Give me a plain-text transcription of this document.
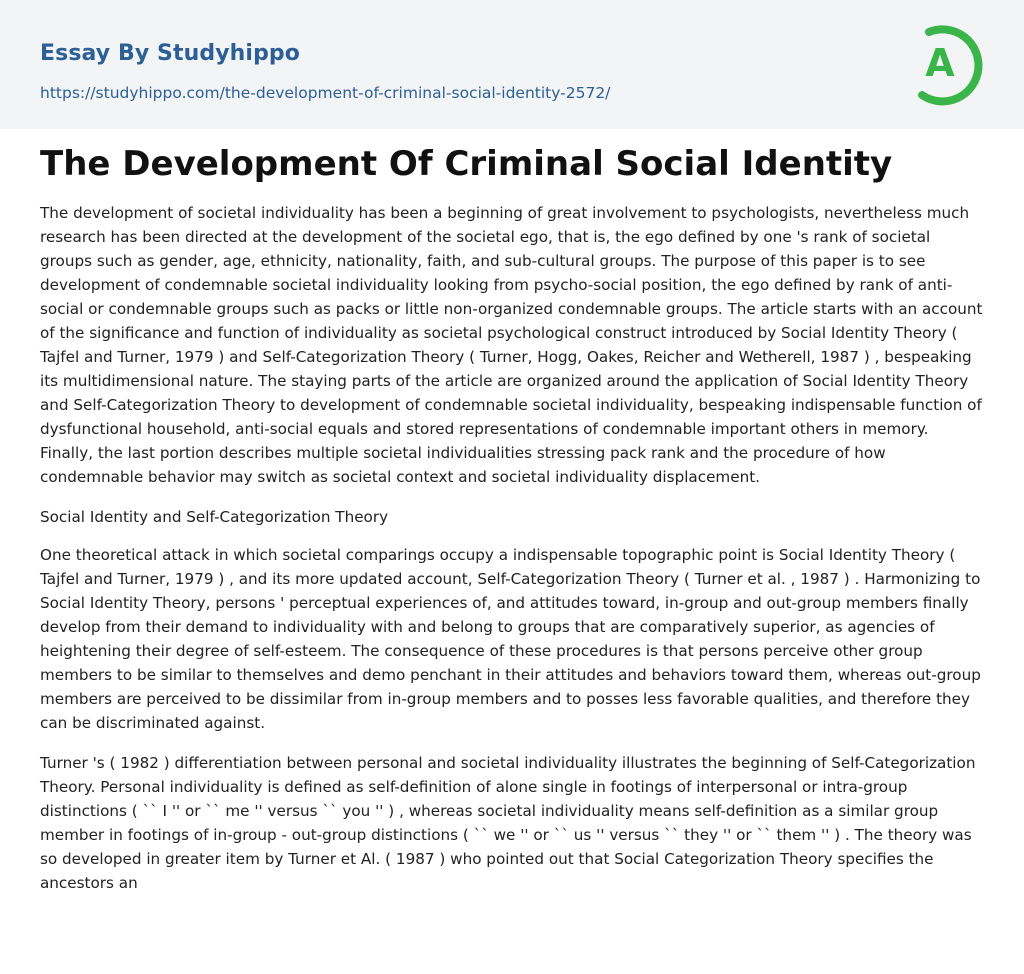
Essay By Studyhippo
https://studyhippo.com/the-development-of-criminal-social-identity-2572/
A
The Development Of Criminal Social Identity

The development of societal individuality has been a beginning of great involvement to psychologists, nevertheless much research has been directed at the development of the societal ego, that is, the ego defined by one 's rank of societal groups such as gender, age, ethnicity, nationality, faith, and sub-cultural groups. The purpose of this paper is to see development of condemnable societal individuality looking from psycho-social position, the ego defined by rank of anti-social or condemnable groups such as packs or little non-organized condemnable groups. The article starts with an account of the significance and function of individuality as societal psychological construct introduced by Social Identity Theory ( Tajfel and Turner, 1979 ) and Self-Categorization Theory ( Turner, Hogg, Oakes, Reicher and Wetherell, 1987 ) , bespeaking its multidimensional nature. The staying parts of the article are organized around the application of Social Identity Theory and Self-Categorization Theory to development of condemnable societal individuality, bespeaking indispensable function of dysfunctional household, anti-social equals and stored representations of condemnable important others in memory. Finally, the last portion describes multiple societal individualities stressing pack rank and the procedure of how condemnable behavior may switch as societal context and societal individuality displacement.

Social Identity and Self-Categorization Theory

One theoretical attack in which societal comparings occupy a indispensable topographic point is Social Identity Theory ( Tajfel and Turner, 1979 ) , and its more updated account, Self-Categorization Theory ( Turner et al. , 1987 ) . Harmonizing to Social Identity Theory, persons ' perceptual experiences of, and attitudes toward, in-group and out-group members finally develop from their demand to individuality with and belong to groups that are comparatively superior, as agencies of heightening their degree of self-esteem. The consequence of these procedures is that persons perceive other group members to be similar to themselves and demo penchant in their attitudes and behaviors toward them, whereas out-group members are perceived to be dissimilar from in-group members and to posses less favorable qualities, and therefore they can be discriminated against.

Turner 's ( 1982 ) differentiation between personal and societal individuality illustrates the beginning of Self-Categorization Theory. Personal individuality is defined as self-definition of alone single in footings of interpersonal or intra-group distinctions ( `` I '' or `` me '' versus `` you '' ) , whereas societal individuality means self-definition as a similar group member in footings of in-group - out-group distinctions ( `` we '' or `` us '' versus `` they '' or `` them '' ) . The theory was so developed in greater item by Turner et Al. ( 1987 ) who pointed out that Social Categorization Theory specifies the ancestors an
